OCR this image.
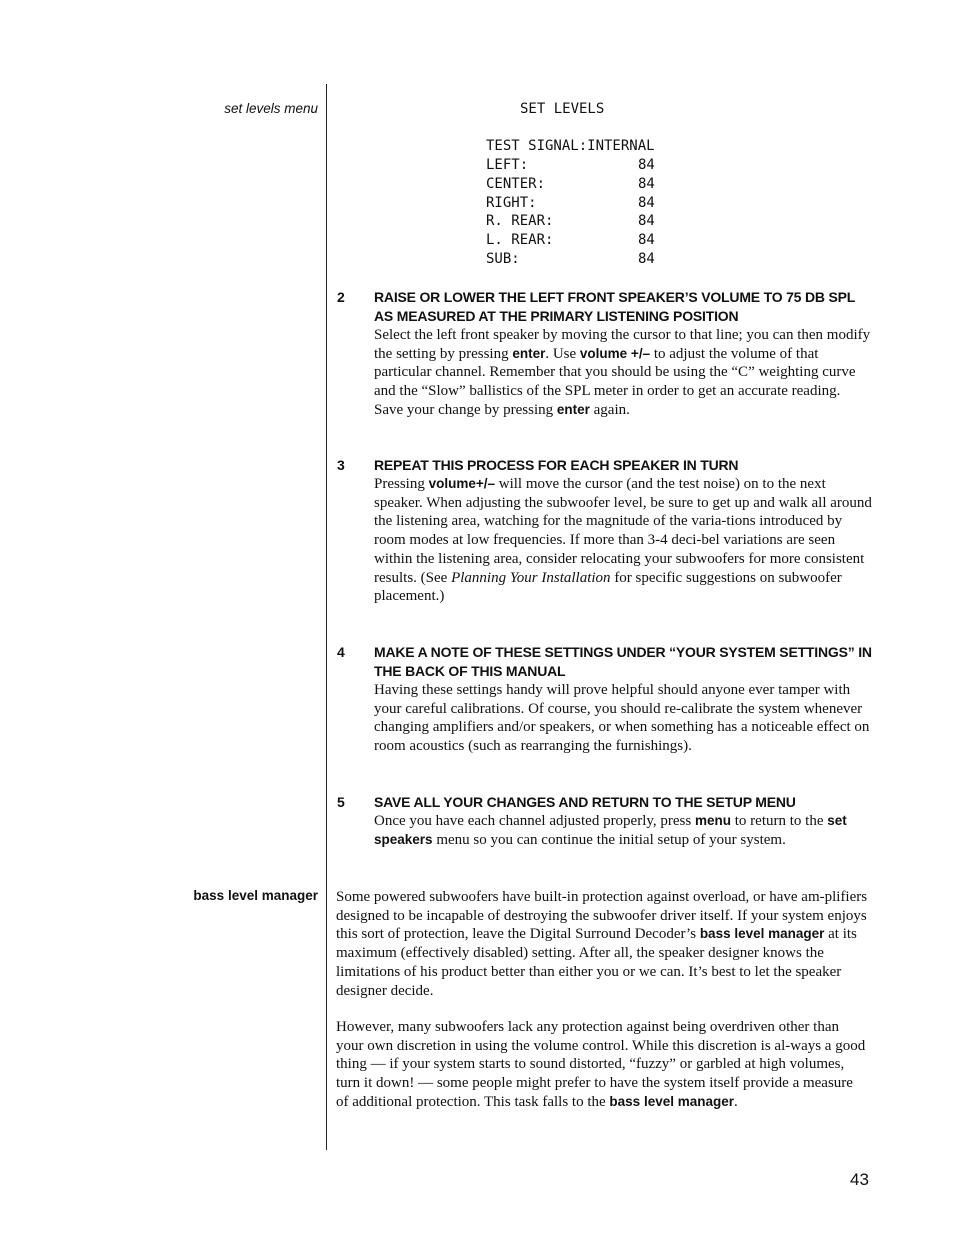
set levels menu	SET LEVELS
TEST SIGNAL:INTERNAL
LEFT:	84
CENTER:	84
RIGHT:	84
R. REAR:	84
L. REAR:	84
SUB:	84
2 RAISE OR LOWER THE LEFT FRONT SPEAKER’S VOLUME TO 75 DB SPL AS MEASURED AT THE PRIMARY LISTENING POSITION
Select the left front speaker by moving the cursor to that line; you can then modify the setting by pressing enter. Use volume +/– to adjust the volume of that particular channel. Remember that you should be using the “C” weighting curve and the “Slow” ballistics of the SPL meter in order to get an accurate reading. Save your change by pressing enter again.
3 REPEAT THIS PROCESS FOR EACH SPEAKER IN TURN
Pressing volume+/– will move the cursor (and the test noise) on to the next speaker. When adjusting the subwoofer level, be sure to get up and walk all around the listening area, watching for the magnitude of the varia-tions introduced by room modes at low frequencies. If more than 3-4 deci-bel variations are seen within the listening area, consider relocating your subwoofers for more consistent results. (See Planning Your Installation for specific suggestions on subwoofer placement.)
4 MAKE A NOTE OF THESE SETTINGS UNDER “YOUR SYSTEM SETTINGS” IN THE BACK OF THIS MANUAL
Having these settings handy will prove helpful should anyone ever tamper with your careful calibrations. Of course, you should re-calibrate the system whenever changing amplifiers and/or speakers, or when something has a noticeable effect on room acoustics (such as rearranging the furnishings).
5 SAVE ALL YOUR CHANGES AND RETURN TO THE SETUP MENU
Once you have each channel adjusted properly, press menu to return to the set speakers menu so you can continue the initial setup of your system.
bass level manager Some powered subwoofers have built-in protection against overload, or have am-plifiers designed to be incapable of destroying the subwoofer driver itself. If your system enjoys this sort of protection, leave the Digital Surround Decoder’s bass level manager at its maximum (effectively disabled) setting. After all, the speaker designer knows the limitations of his product better than either you or we can. It’s best to let the speaker designer decide.
However, many subwoofers lack any protection against being overdriven other than your own discretion in using the volume control. While this discretion is al-ways a good thing — if your system starts to sound distorted, “fuzzy” or garbled at high volumes, turn it down! — some people might prefer to have the system itself provide a measure of additional protection. This task falls to the bass level manager.
43
